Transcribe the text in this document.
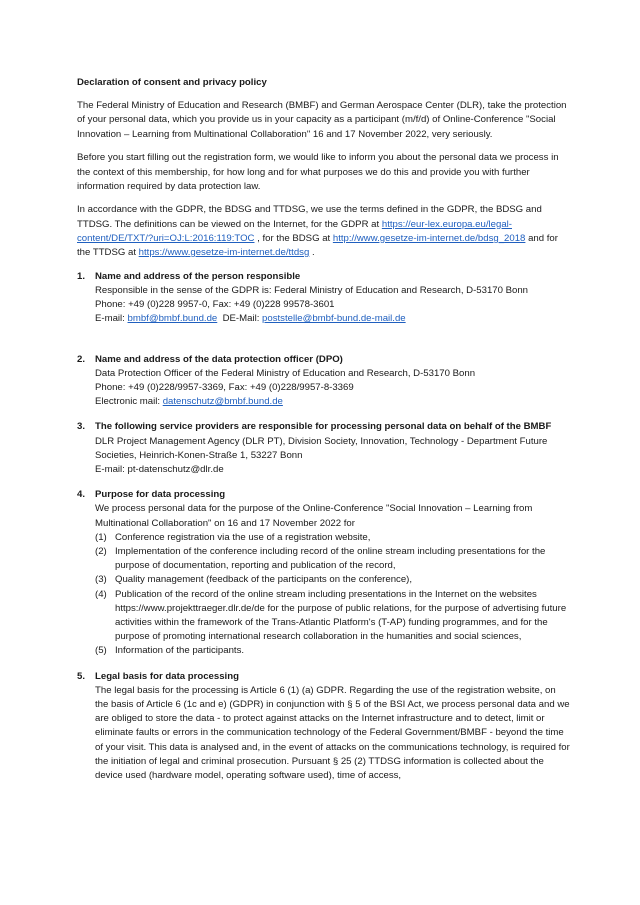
Declaration of consent and privacy policy

The Federal Ministry of Education and Research (BMBF) and German Aerospace Center (DLR), take the protection of your personal data, which you provide us in your capacity as a participant (m/f/d) of Online-Conference "Social Innovation – Learning from Multinational Collaboration" 16 and 17 November 2022, very seriously.

Before you start filling out the registration form, we would like to inform you about the personal data we process in the context of this membership, for how long and for what purposes we do this and provide you with further information required by data protection law.

In accordance with the GDPR, the BDSG and TTDSG, we use the terms defined in the GDPR, the BDSG and TTDSG. The definitions can be viewed on the Internet, for the GDPR at https://eur-lex.europa.eu/legal-content/DE/TXT/?uri=OJ:L:2016:119:TOC , for the BDSG at http://www.gesetze-im-internet.de/bdsg_2018 and for the TTDSG at https://www.gesetze-im-internet.de/ttdsg .

1.	Name and address of the person responsible
Responsible in the sense of the GDPR is: Federal Ministry of Education and Research, D-53170 Bonn
Phone: +49 (0)228 9957-0, Fax: +49 (0)228 99578-3601
E-mail: bmbf@bmbf.bund.de  DE-Mail: poststelle@bmbf-bund.de-mail.de
2.	Name and address of the data protection officer (DPO)
Data Protection Officer of the Federal Ministry of Education and Research, D-53170 Bonn
Phone: +49 (0)228/9957-3369, Fax: +49 (0)228/9957-8-3369
Electronic mail: datenschutz@bmbf.bund.de
3.	The following service providers are responsible for processing personal data on behalf of the BMBF
DLR Project Management Agency (DLR PT), Division Society, Innovation, Technology - Department Future Societies, Heinrich-Konen-Straße 1, 53227 Bonn
E-mail: pt-datenschutz@dlr.de
4.	Purpose for data processing
We process personal data for the purpose of the Online-Conference "Social Innovation – Learning from Multinational Collaboration" on 16 and 17 November 2022 for
(1) Conference registration via the use of a registration website,
(2) Implementation of the conference including record of the online stream including presentations for the purpose of documentation, reporting and publication of the record,
(3) Quality management (feedback of the participants on the conference),
(4) Publication of the record of the online stream including presentations in the Internet on the websites https://www.projekttraeger.dlr.de/de for the purpose of public relations, for the purpose of advertising future activities within the framework of the Trans-Atlantic Platform's (T-AP) funding programmes, and for the purpose of promoting international research collaboration in the humanities and social sciences,
(5) Information of the participants.
5.	Legal basis for data processing
The legal basis for the processing is Article 6 (1) (a) GDPR. Regarding the use of the registration website, on the basis of Article 6 (1c and e) (GDPR) in conjunction with § 5 of the BSI Act, we process personal data and we are obliged to store the data - to protect against attacks on the Internet infrastructure and to detect, limit or eliminate faults or errors in the communication technology of the Federal Government/BMBF - beyond the time of your visit. This data is analysed and, in the event of attacks on the communications technology, is required for the initiation of legal and criminal prosecution. Pursuant § 25 (2) TTDSG information is collected about the device used (hardware model, operating software used), time of access,
